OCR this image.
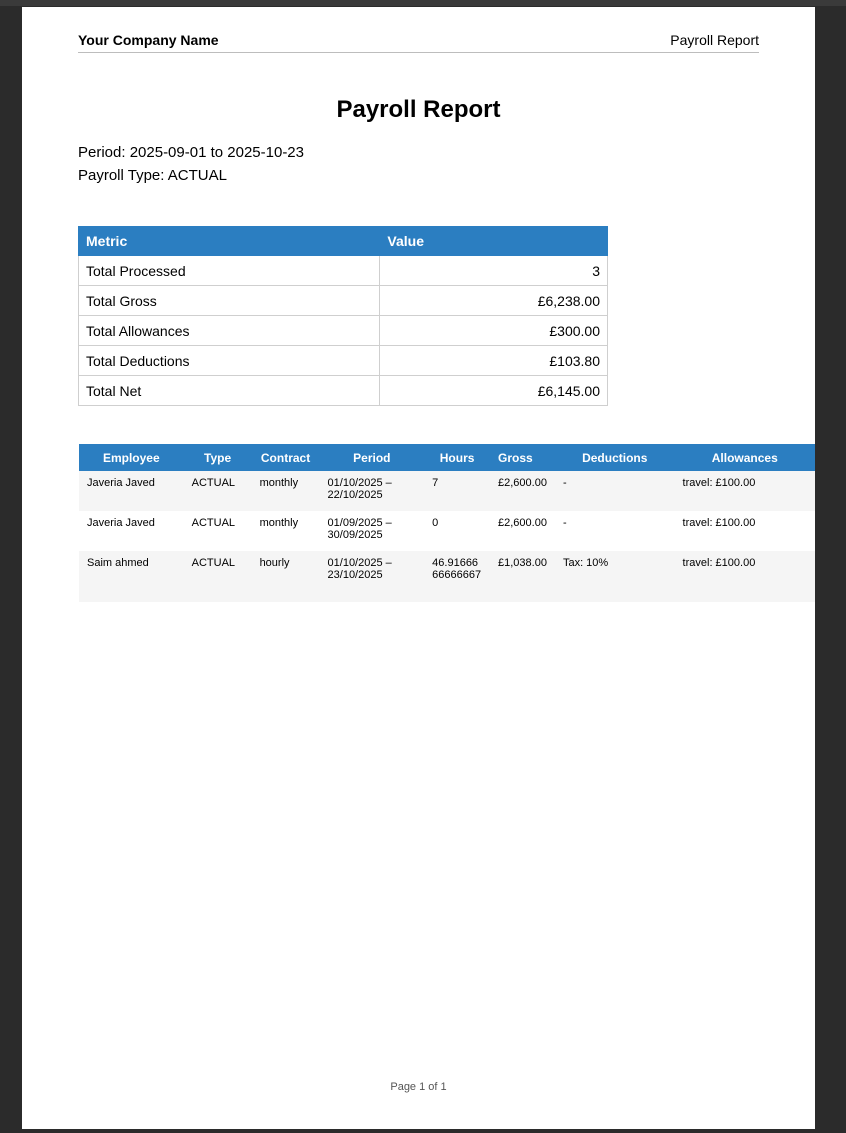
Your Company Name	Payroll Report
Payroll Report
Period: 2025-09-01 to 2025-10-23
Payroll Type: ACTUAL
Metric	Value
Total Processed	3
Total Gross	£6,238.00
Total Allowances	£300.00
Total Deductions	£103.80
Total Net	£6,145.00
Employee	Type	Contract	Period	Hours	Gross	Deductions	Allowances
Javeria Javed	ACTUAL	monthly	01/10/2025 – 22/10/2025	7	£2,600.00	-	travel: £100.00
Javeria Javed	ACTUAL	monthly	01/09/2025 – 30/09/2025	0	£2,600.00	-	travel: £100.00
Saim ahmed	ACTUAL	hourly	01/10/2025 – 23/10/2025	46.9166666666667	£1,038.00	Tax: 10%	travel: £100.00
Page 1 of 1
